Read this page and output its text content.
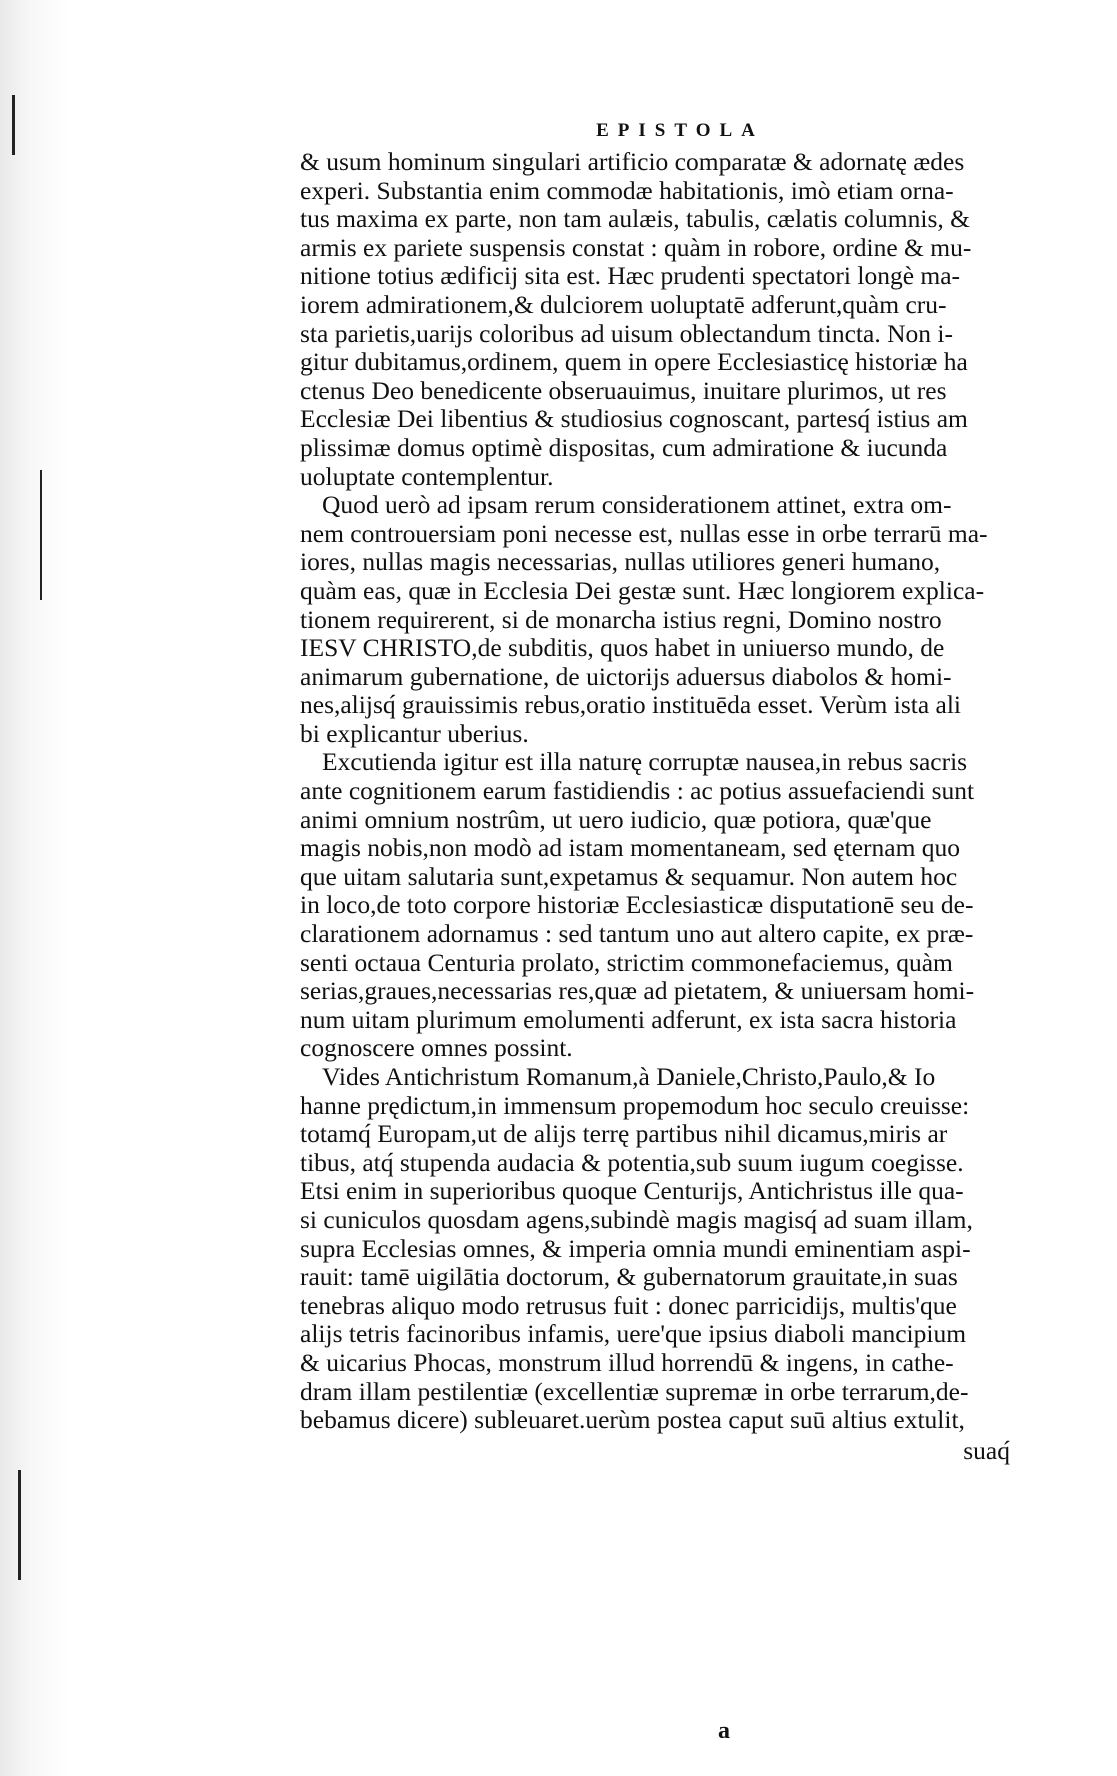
EPISTOLA
& usum hominum singulari artificio comparatæ & adornatę ædes
experi. Substantia enim commodæ habitationis, imò etiam orna-
tus maxima ex parte, non tam aulæis, tabulis, cælatis columnis, &
armis ex pariete suspensis constat : quàm in robore, ordine & mu-
nitione totius ædificij sita est. Hæc prudenti spectatori longè ma-
iorem admirationem,& dulciorem uoluptatē adferunt,quàm cru-
sta parietis,uarijs coloribus ad uisum oblectandum tincta. Non i-
gitur dubitamus,ordinem, quem in opere Ecclesiasticę historiæ ha
ctenus Deo benedicente obseruauimus, inuitare plurimos, ut res
Ecclesiæ Dei libentius & studiosius cognoscant, partesq́ istius am
plissimæ domus optimè dispositas, cum admiratione & iucunda
uoluptate contemplentur.
Quod uerò ad ipsam rerum considerationem attinet, extra om-
nem controuersiam poni necesse est, nullas esse in orbe terrarū ma-
iores, nullas magis necessarias, nullas utiliores generi humano,
quàm eas, quæ in Ecclesia Dei gestæ sunt. Hæc longiorem explica-
tionem requirerent, si de monarcha istius regni, Domino nostro
IESV CHRISTO,de subditis, quos habet in uniuerso mundo, de
animarum gubernatione, de uictorijs aduersus diabolos & homi-
nes,alijsq́ grauissimis rebus,oratio instituēda esset. Verùm ista ali
bi explicantur uberius.
Excutienda igitur est illa naturę corruptæ nausea,in rebus sacris
ante cognitionem earum fastidiendis : ac potius assuefaciendi sunt
animi omnium nostrûm, ut uero iudicio, quæ potiora, quæ'que
magis nobis,non modò ad istam momentaneam, sed ęternam quo
que uitam salutaria sunt,expetamus & sequamur. Non autem hoc
in loco,de toto corpore historiæ Ecclesiasticæ disputationē seu de-
clarationem adornamus : sed tantum uno aut altero capite, ex præ-
senti octaua Centuria prolato, strictim commonefaciemus, quàm
serias,graues,necessarias res,quæ ad pietatem, & uniuersam homi-
num uitam plurimum emolumenti adferunt, ex ista sacra historia
cognoscere omnes possint.
Vides Antichristum Romanum,à Daniele,Christo,Paulo,& Io
hanne prędictum,in immensum propemodum hoc seculo creuisse:
totamq́ Europam,ut de alijs terrę partibus nihil dicamus,miris ar
tibus, atq́ stupenda audacia & potentia,sub suum iugum coegisse.
Etsi enim in superioribus quoque Centurijs, Antichristus ille qua-
si cuniculos quosdam agens,subindè magis magisq́ ad suam illam,
supra Ecclesias omnes, & imperia omnia mundi eminentiam aspi-
rauit: tamē uigilātia doctorum, & gubernatorum grauitate,in suas
tenebras aliquo modo retrusus fuit : donec parricidijs, multis'que
alijs tetris facinoribus infamis, uere'que ipsius diaboli mancipium
& uicarius Phocas, monstrum illud horrendū & ingens, in cathe-
dram illam pestilentiæ (excellentiæ supremæ in orbe terrarum,de-
bebamus dicere) subleuaret.uerùm postea caput suū altius extulit,
suaq́
a
